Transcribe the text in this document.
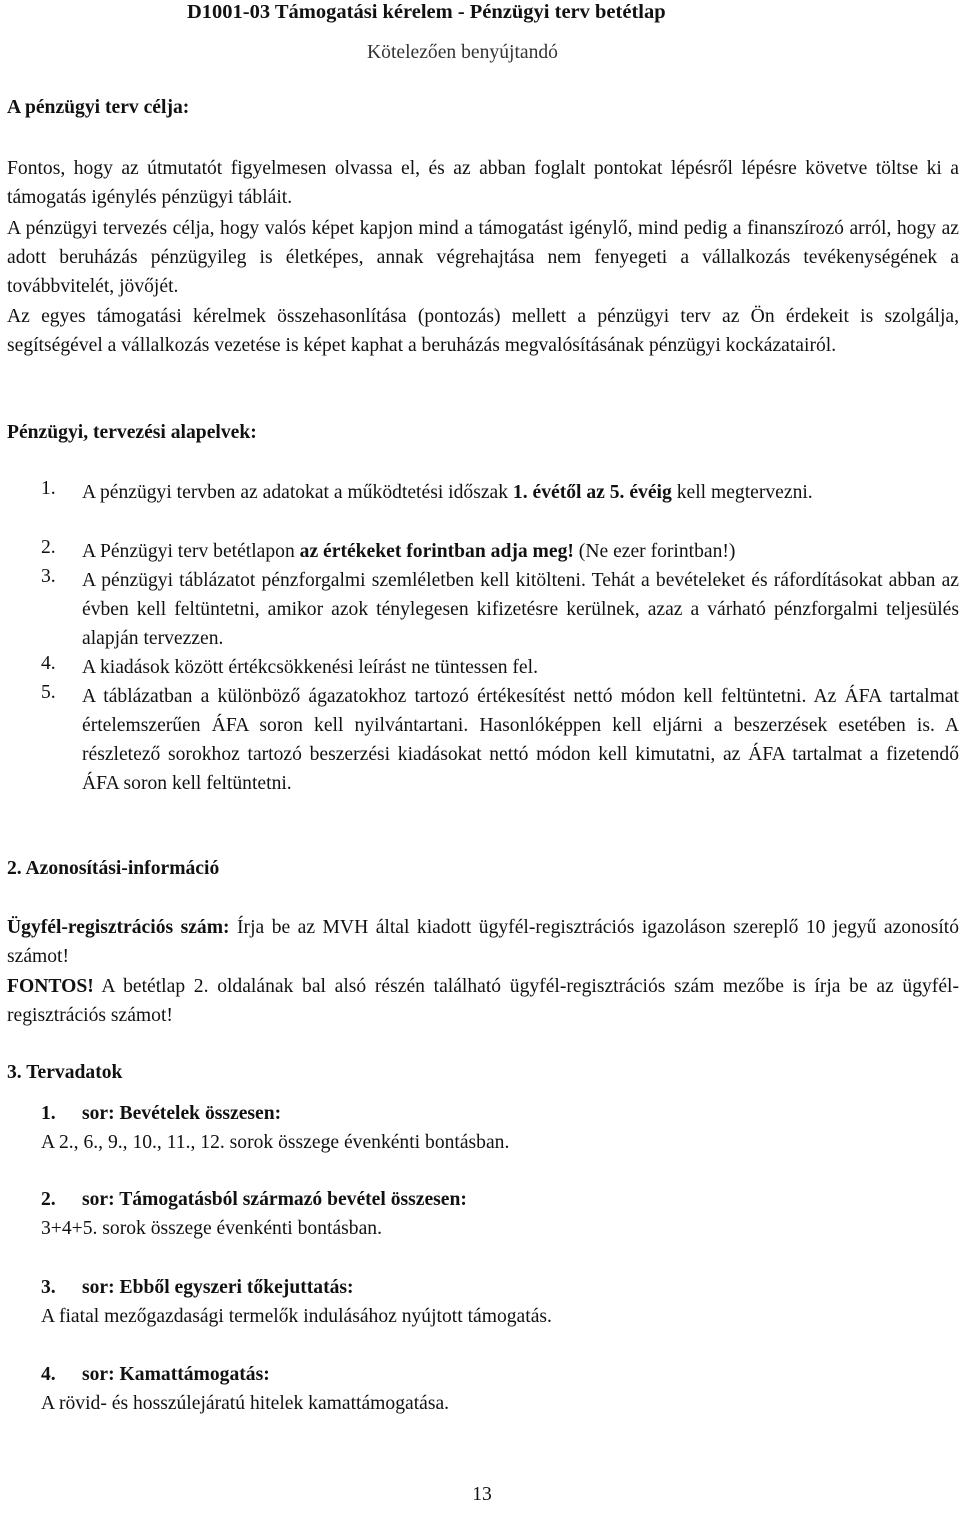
D1001-03 Támogatási kérelem - Pénzügyi terv betétlap
Kötelezően benyújtandó
A pénzügyi terv célja:
Fontos, hogy az útmutatót figyelmesen olvassa el, és az abban foglalt pontokat lépésről lépésre követve töltse ki a támogatás igénylés pénzügyi tábláit.
A pénzügyi tervezés célja, hogy valós képet kapjon mind a támogatást igénylő, mind pedig a finanszírozó arról, hogy az adott beruházás pénzügyileg is életképes, annak végrehajtása nem fenyegeti a vállalkozás tevékenységének a továbbvitelét, jövőjét.
Az egyes támogatási kérelmek összehasonlítása (pontozás) mellett a pénzügyi terv az Ön érdekeit is szolgálja, segítségével a vállalkozás vezetése is képet kaphat a beruházás megvalósításának pénzügyi kockázatairól.
Pénzügyi, tervezési alapelvek:
1. A pénzügyi tervben az adatokat a működtetési időszak 1. évétől az 5. évéig kell megtervezni.
2. A Pénzügyi terv betétlapon az értékeket forintban adja meg! (Ne ezer forintban!)
3. A pénzügyi táblázatot pénzforgalmi szemléletben kell kitölteni. Tehát a bevételeket és ráfordításokat abban az évben kell feltüntetni, amikor azok ténylegesen kifizetésre kerülnek, azaz a várható pénzforgalmi teljesülés alapján tervezzen.
4. A kiadások között értékcsökkenési leírást ne tüntessen fel.
5. A táblázatban a különböző ágazatokhoz tartozó értékesítést nettó módon kell feltüntetni. Az ÁFA tartalmat értelemszerűen ÁFA soron kell nyilvántartani. Hasonlóképpen kell eljárni a beszerzések esetében is. A részletező sorokhoz tartozó beszerzési kiadásokat nettó módon kell kimutatni, az ÁFA tartalmat a fizetendő ÁFA soron kell feltüntetni.
2. Azonosítási-információ
Ügyfél-regisztrációs szám: Írja be az MVH által kiadott ügyfél-regisztrációs igazoláson szereplő 10 jegyű azonosító számot!
FONTOS! A betétlap 2. oldalának bal alsó részén található ügyfél-regisztrációs szám mezőbe is írja be az ügyfél-regisztrációs számot!
3. Tervadatok
1. sor: Bevételek összesen:
A 2., 6., 9., 10., 11., 12. sorok összege évenkénti bontásban.
2. sor: Támogatásból származó bevétel összesen:
3+4+5. sorok összege évenkénti bontásban.
3. sor: Ebből egyszeri tőkejuttatás:
A fiatal mezőgazdasági termelők indulásához nyújtott támogatás.
4. sor: Kamattámogatás:
A rövid- és hosszúlejáratú hitelek kamattámogatása.
13
